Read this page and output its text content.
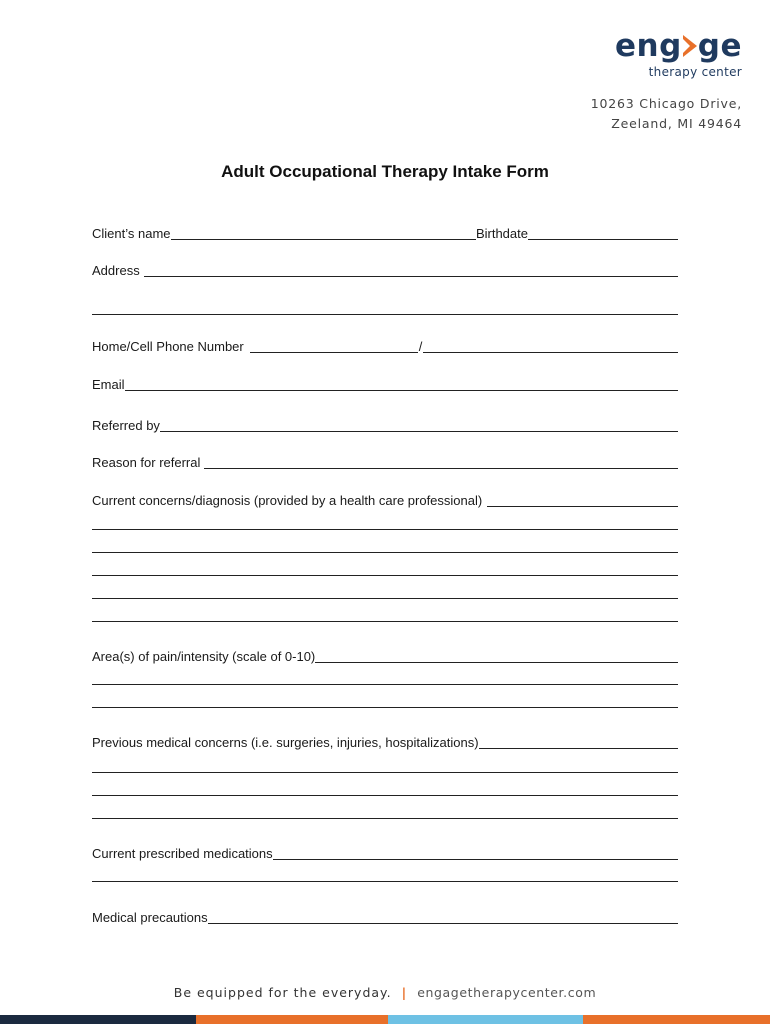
eng ge
therapy center
10263 Chicago Drive,
Zeeland, MI 49464
Adult Occupational Therapy Intake Form
Client’s name	Birthdate
Address
Home/Cell Phone Number	/
Email
Referred by
Reason for referral
Current concerns/diagnosis (provided by a health care professional)
Area(s) of pain/intensity (scale of 0-10)
Previous medical concerns (i.e. surgeries, injuries, hospitalizations)
Current prescribed medications
Medical precautions
Be equipped for the everyday. | engagetherapycenter.com
